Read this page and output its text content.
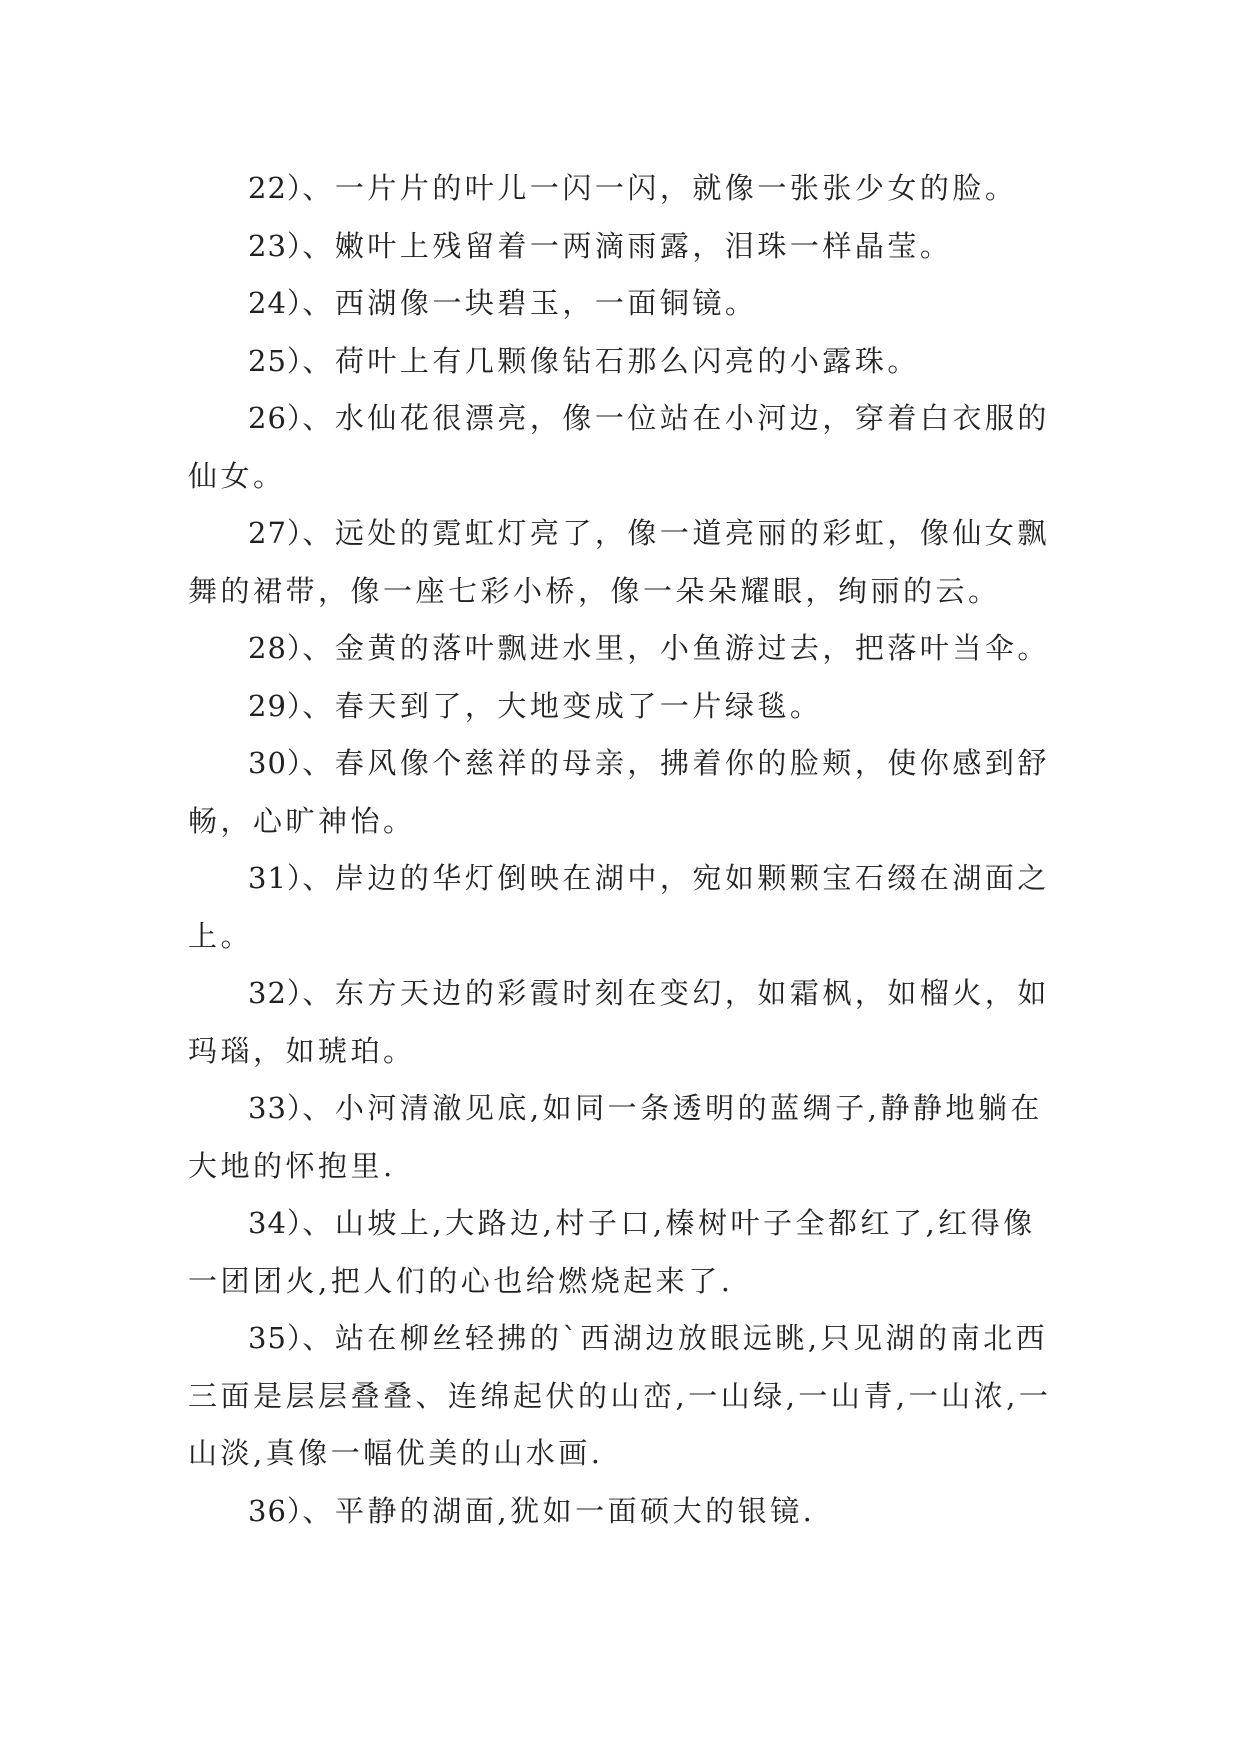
22）、一片片的叶儿一闪一闪，就像一张张少女的脸。

23）、嫩叶上残留着一两滴雨露，泪珠一样晶莹。

24）、西湖像一块碧玉，一面铜镜。

25）、荷叶上有几颗像钻石那么闪亮的小露珠。

26）、水仙花很漂亮，像一位站在小河边，穿着白衣服的仙女。

27）、远处的霓虹灯亮了，像一道亮丽的彩虹，像仙女飘舞的裙带，像一座七彩小桥，像一朵朵耀眼，绚丽的云。

28）、金黄的落叶飘进水里，小鱼游过去，把落叶当伞。

29）、春天到了，大地变成了一片绿毯。

30）、春风像个慈祥的母亲，拂着你的脸颊，使你感到舒畅，心旷神怡。

31）、岸边的华灯倒映在湖中，宛如颗颗宝石缀在湖面之上。

32）、东方天边的彩霞时刻在变幻，如霜枫，如榴火，如玛瑙，如琥珀。

33）、小河清澈见底,如同一条透明的蓝绸子,静静地躺在大地的怀抱里.

34）、山坡上,大路边,村子口,榛树叶子全都红了,红得像一团团火,把人们的心也给燃烧起来了.

35）、站在柳丝轻拂的`西湖边放眼远眺,只见湖的南北西三面是层层叠叠、连绵起伏的山峦,一山绿,一山青,一山浓,一山淡,真像一幅优美的山水画.

36）、平静的湖面,犹如一面硕大的银镜.
